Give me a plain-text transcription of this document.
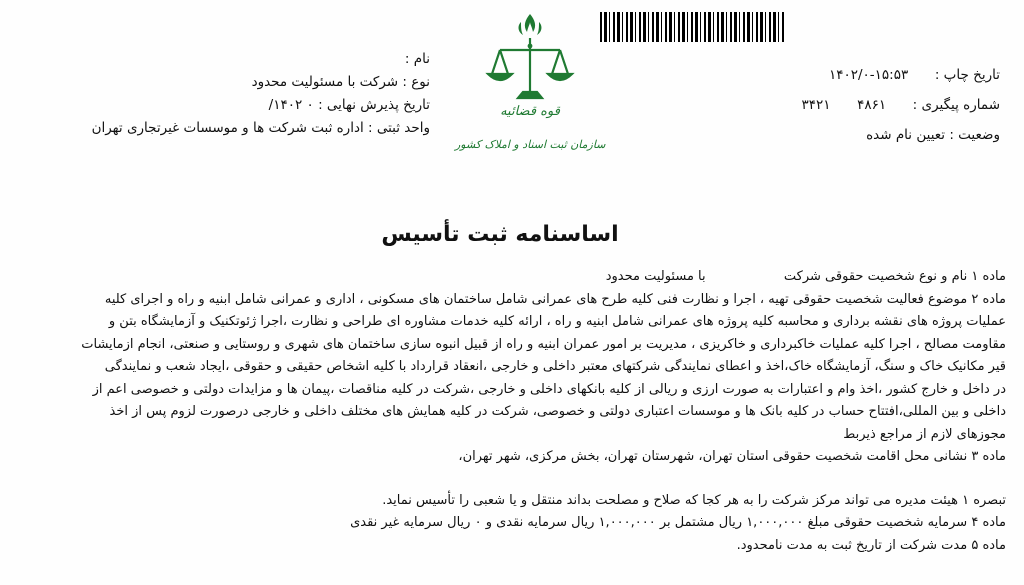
تاریخ چاپ :  ۱۵:۵۳-۱۴۰۲/۰
شماره پیگیری :  ۴۸۶۱  ۳۴۲۱
وضعیت : تعیین نام شده
قوه قضائیه
سازمان ثبت اسناد و املاک کشور
نام :
نوع : شرکت با مسئولیت محدود
تاریخ پذیرش نهایی : ۰ ۱۴۰۲/
واحد ثبتی : اداره ثبت شرکت ها و موسسات غیرتجاری تهران
اساسنامه ثبت تأسیس
ماده ۱ نام و نوع شخصیت حقوقی شرکت  با مسئولیت محدود
ماده ۲ موضوع فعالیت شخصیت حقوقی تهیه ، اجرا و نظارت فنی کلیه طرح های عمرانی شامل ساختمان های مسکونی ، اداری و عمرانی شامل ابنیه و راه و اجرای کلیه
عملیات پروژه های نقشه برداری و محاسبه کلیه پروژه های عمرانی شامل ابنیه و راه ، ارائه کلیه خدمات مشاوره ای طراحی و نظارت ،اجرا ژئوتکنیک و آزمایشگاه بتن و
مقاومت مصالح ، اجرا کلیه عملیات خاکبرداری و خاکریزی ، مدیریت بر امور عمران ابنیه و راه از قبیل انبوه سازی ساختمان های شهری و روستایی و صنعتی، انجام ازمایشات
قیر مکانیک خاک و سنگ، آزمایشگاه خاک،اخذ و اعطای نمایندگی شرکتهای معتبر داخلی و خارجی ،انعقاد قرارداد با کلیه اشخاص حقیقی و حقوقی ،ایجاد شعب و نمایندگی
در داخل و خارج کشور ،اخذ وام و اعتبارات به صورت ارزی و ریالی از کلیه بانکهای داخلی و خارجی ،شرکت در کلیه مناقصات ،پیمان ها و مزایدات دولتی و خصوصی اعم از
داخلی و بین المللی،افتتاح حساب در کلیه بانک ها و موسسات اعتباری دولتی و خصوصی، شرکت در کلیه همایش های مختلف داخلی و خارجی درصورت لزوم پس از اخذ
مجوزهای لازم از مراجع ذیربط
ماده ۳ نشانی محل اقامت شخصیت حقوقی استان تهران، شهرستان تهران، بخش مرکزی، شهر تهران،
تبصره ۱ هیئت مدیره می تواند مرکز شرکت را به هر کجا که صلاح و مصلحت بداند منتقل و یا شعبی را تأسیس نماید.
ماده ۴ سرمایه شخصیت حقوقی مبلغ ۱,۰۰۰,۰۰۰ ریال مشتمل بر ۱,۰۰۰,۰۰۰ ریال سرمایه نقدی و ۰ ریال سرمایه غیر نقدی
ماده ۵ مدت شرکت از تاریخ ثبت به مدت نامحدود.
